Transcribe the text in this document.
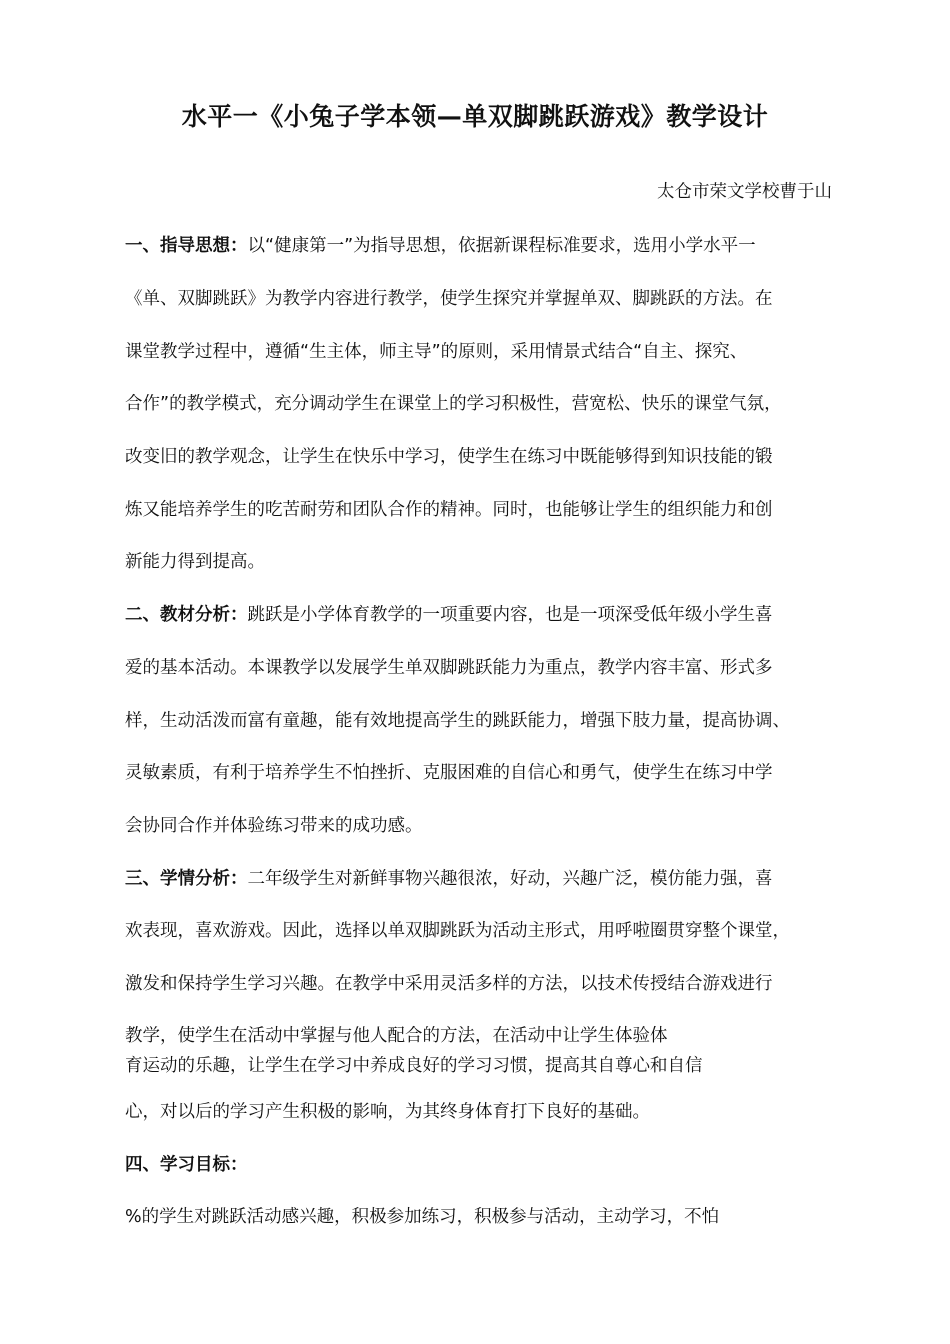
水平一《小兔子学本领—单双脚跳跃游戏》教学设计

太仓市荣文学校曹于山

一、指导思想：以“健康第一”为指导思想，依据新课程标准要求，选用小学水平一

《单、双脚跳跃》为教学内容进行教学，使学生探究并掌握单双、脚跳跃的方法。在

课堂教学过程中，遵循“生主体，师主导”的原则，采用情景式结合“自主、探究、

合作”的教学模式，充分调动学生在课堂上的学习积极性，营宽松、快乐的课堂气氛，

改变旧的教学观念，让学生在快乐中学习，使学生在练习中既能够得到知识技能的锻

炼又能培养学生的吃苦耐劳和团队合作的精神。同时，也能够让学生的组织能力和创

新能力得到提高。

二、教材分析：跳跃是小学体育教学的一项重要内容，也是一项深受低年级小学生喜

爱的基本活动。本课教学以发展学生单双脚跳跃能力为重点，教学内容丰富、形式多

样，生动活泼而富有童趣，能有效地提高学生的跳跃能力，增强下肢力量，提高协调、

灵敏素质，有利于培养学生不怕挫折、克服困难的自信心和勇气，使学生在练习中学

会协同合作并体验练习带来的成功感。

三、学情分析：二年级学生对新鲜事物兴趣很浓，好动，兴趣广泛，模仿能力强，喜

欢表现，喜欢游戏。因此，选择以单双脚跳跃为活动主形式，用呼啦圈贯穿整个课堂，

激发和保持学生学习兴趣。在教学中采用灵活多样的方法，以技术传授结合游戏进行

教学，使学生在活动中掌握与他人配合的方法，在活动中让学生体验体

育运动的乐趣，让学生在学习中养成良好的学习习惯，提高其自尊心和自信

心，对以后的学习产生积极的影响，为其终身体育打下良好的基础。

四、学习目标：

%的学生对跳跃活动感兴趣，积极参加练习，积极参与活动，主动学习，不怕
